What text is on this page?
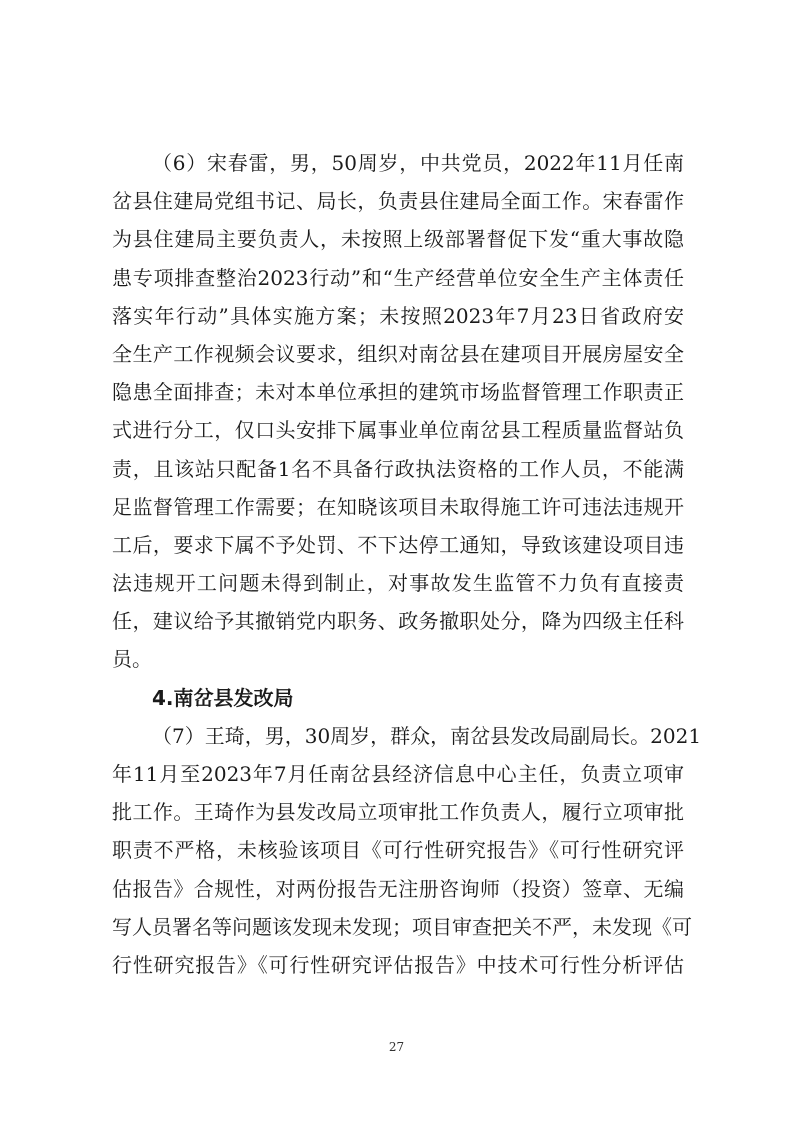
（6）宋春雷，男，50周岁，中共党员，2022年11月任南
岔县住建局党组书记、局长，负责县住建局全面工作。宋春雷作
为县住建局主要负责人，未按照上级部署督促下发“重大事故隐
患专项排查整治2023行动”和“生产经营单位安全生产主体责任
落实年行动”具体实施方案；未按照2023年7月23日省政府安
全生产工作视频会议要求，组织对南岔县在建项目开展房屋安全
隐患全面排查；未对本单位承担的建筑市场监督管理工作职责正
式进行分工，仅口头安排下属事业单位南岔县工程质量监督站负
责，且该站只配备1名不具备行政执法资格的工作人员，不能满
足监督管理工作需要；在知晓该项目未取得施工许可违法违规开
工后，要求下属不予处罚、不下达停工通知，导致该建设项目违
法违规开工问题未得到制止，对事故发生监管不力负有直接责
任，建议给予其撤销党内职务、政务撤职处分，降为四级主任科
员。
4.南岔县发改局
（7）王琦，男，30周岁，群众，南岔县发改局副局长。2021
年11月至2023年7月任南岔县经济信息中心主任，负责立项审
批工作。王琦作为县发改局立项审批工作负责人，履行立项审批
职责不严格，未核验该项目《可行性研究报告》《可行性研究评
估报告》合规性，对两份报告无注册咨询师（投资）签章、无编
写人员署名等问题该发现未发现；项目审查把关不严，未发现《可
行性研究报告》《可行性研究评估报告》中技术可行性分析评估
27
